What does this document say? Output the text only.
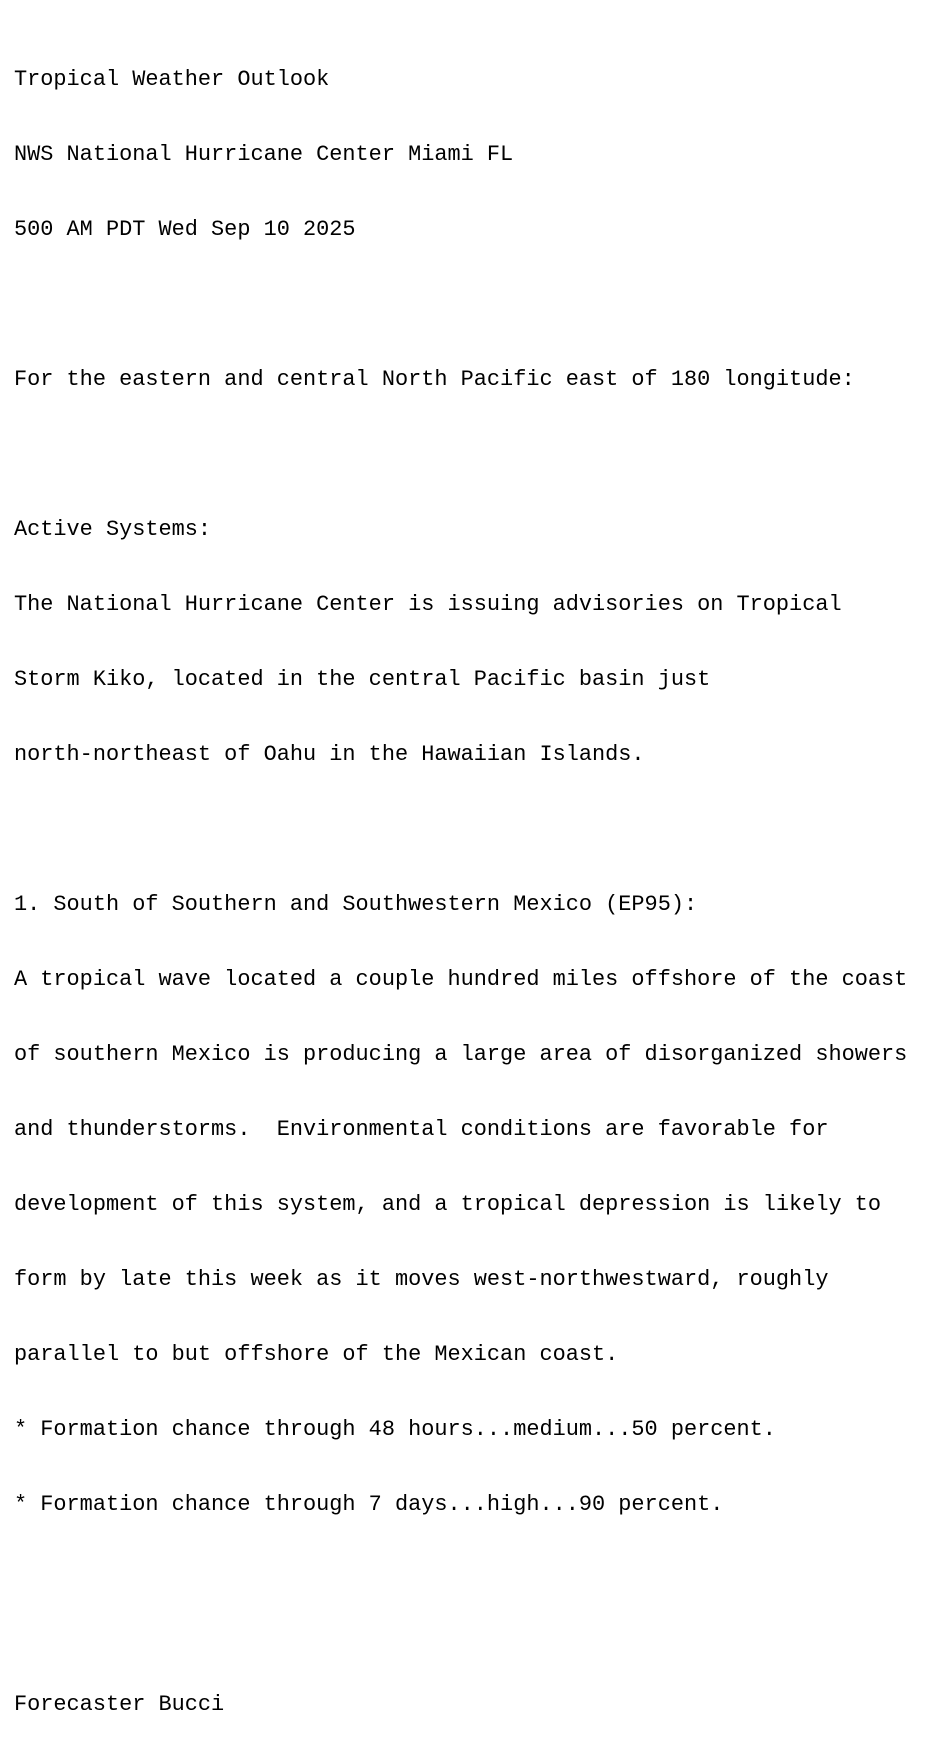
Tropical Weather Outlook

NWS National Hurricane Center Miami FL

500 AM PDT Wed Sep 10 2025

For the eastern and central North Pacific east of 180 longitude:

Active Systems:

The National Hurricane Center is issuing advisories on Tropical

Storm Kiko, located in the central Pacific basin just

north-northeast of Oahu in the Hawaiian Islands.

1. South of Southern and Southwestern Mexico (EP95):

A tropical wave located a couple hundred miles offshore of the coast

of southern Mexico is producing a large area of disorganized showers

and thunderstorms.  Environmental conditions are favorable for

development of this system, and a tropical depression is likely to

form by late this week as it moves west-northwestward, roughly

parallel to but offshore of the Mexican coast.

* Formation chance through 48 hours...medium...50 percent.

* Formation chance through 7 days...high...90 percent.

Forecaster Bucci
